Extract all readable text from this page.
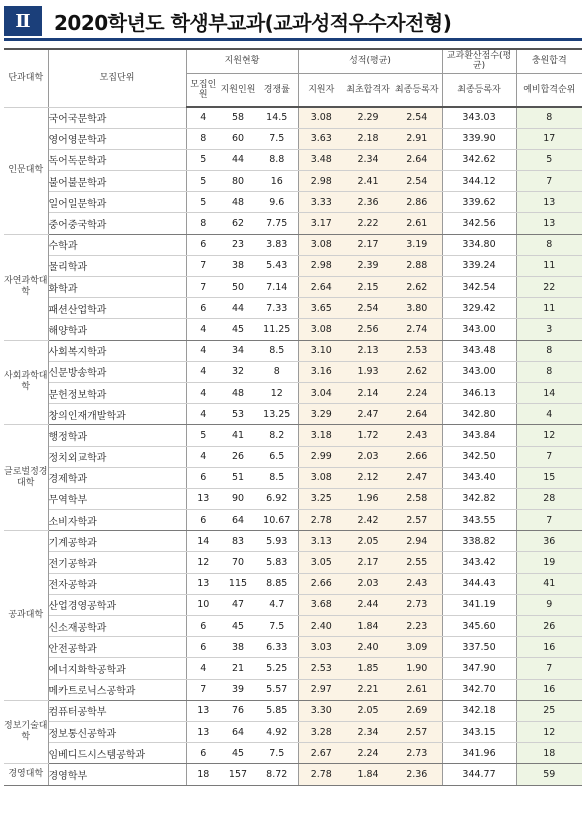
Ⅱ	2020학년도 학생부교과(교과성적우수자전형)
단과대학	모집단위	지원현황			성적(평균)			교과환산점수(평균)	충원합격
		모집인원	지원인원	경쟁률	지원자	최초합격자	최종등록자	최종등록자	예비합격순위
인문대학	국어국문학과	4	58	14.5	3.08	2.29	2.54	343.03	8
	영어영문학과	8	60	7.5	3.63	2.18	2.91	339.90	17
	독어독문학과	5	44	8.8	3.48	2.34	2.64	342.62	5
	불어불문학과	5	80	16	2.98	2.41	2.54	344.12	7
	일어일문학과	5	48	9.6	3.33	2.36	2.86	339.62	13
	중어중국학과	8	62	7.75	3.17	2.22	2.61	342.56	13
자연과학대학	수학과	6	23	3.83	3.08	2.17	3.19	334.80	8
	물리학과	7	38	5.43	2.98	2.39	2.88	339.24	11
	화학과	7	50	7.14	2.64	2.15	2.62	342.54	22
	패션산업학과	6	44	7.33	3.65	2.54	3.80	329.42	11
	해양학과	4	45	11.25	3.08	2.56	2.74	343.00	3
사회과학대학	사회복지학과	4	34	8.5	3.10	2.13	2.53	343.48	8
	신문방송학과	4	32	8	3.16	1.93	2.62	343.00	8
	문헌정보학과	4	48	12	3.04	2.14	2.24	346.13	14
	창의인재개발학과	4	53	13.25	3.29	2.47	2.64	342.80	4
글로벌정경대학	행정학과	5	41	8.2	3.18	1.72	2.43	343.84	12
	정치외교학과	4	26	6.5	2.99	2.03	2.66	342.50	7
	경제학과	6	51	8.5	3.08	2.12	2.47	343.40	15
	무역학부	13	90	6.92	3.25	1.96	2.58	342.82	28
	소비자학과	6	64	10.67	2.78	2.42	2.57	343.55	7
공과대학	기계공학과	14	83	5.93	3.13	2.05	2.94	338.82	36
	전기공학과	12	70	5.83	3.05	2.17	2.55	343.42	19
	전자공학과	13	115	8.85	2.66	2.03	2.43	344.43	41
	산업경영공학과	10	47	4.7	3.68	2.44	2.73	341.19	9
	신소재공학과	6	45	7.5	2.40	1.84	2.23	345.60	26
	안전공학과	6	38	6.33	3.03	2.40	3.09	337.50	16
	에너지화학공학과	4	21	5.25	2.53	1.85	1.90	347.90	7
	메카트로닉스공학과	7	39	5.57	2.97	2.21	2.61	342.70	16
정보기술대학	컴퓨터공학부	13	76	5.85	3.30	2.05	2.69	342.18	25
	정보통신공학과	13	64	4.92	3.28	2.34	2.57	343.15	12
	임베디드시스템공학과	6	45	7.5	2.67	2.24	2.73	341.96	18
경영대학	경영학부	18	157	8.72	2.78	1.84	2.36	344.77	59
